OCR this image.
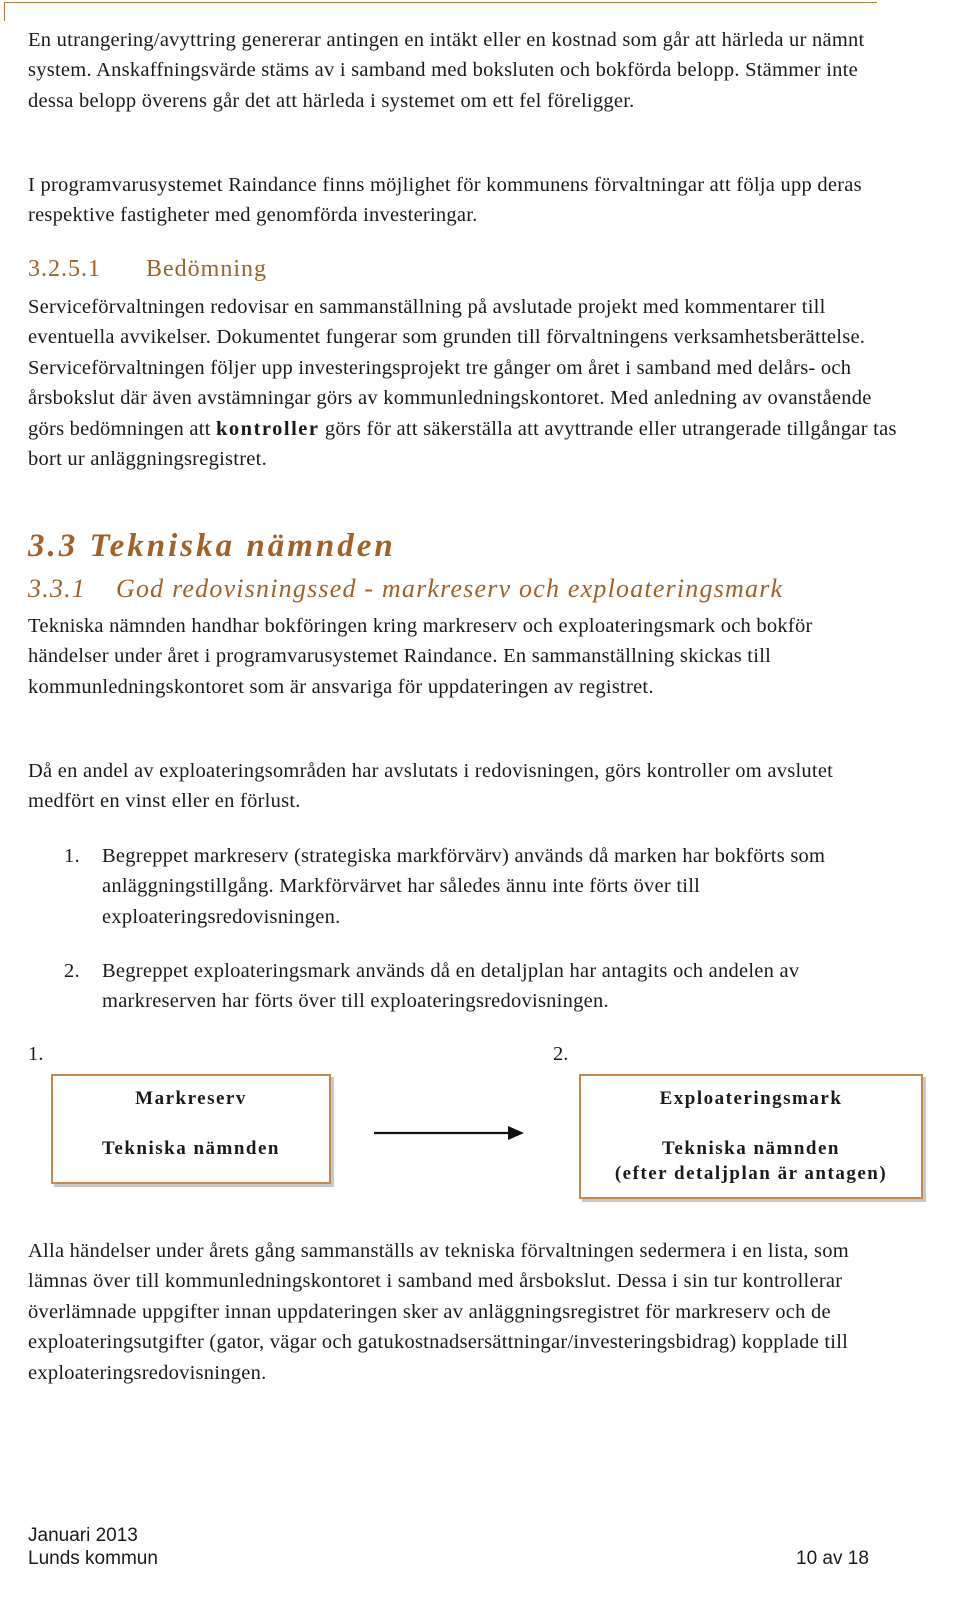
En utrangering/avyttring genererar antingen en intäkt eller en kostnad som går att härleda ur nämnt system. Anskaffningsvärde stäms av i samband med boksluten och bokförda belopp. Stämmer inte dessa belopp överens går det att härleda i systemet om ett fel föreligger.

I programvarusystemet Raindance finns möjlighet för kommunens förvaltningar att följa upp deras respektive fastigheter med genomförda investeringar.

3.2.5.1 Bedömning

Serviceförvaltningen redovisar en sammanställning på avslutade projekt med kommentarer till eventuella avvikelser. Dokumentet fungerar som grunden till förvaltningens verksamhetsberättelse. Serviceförvaltningen följer upp investeringsprojekt tre gånger om året i samband med delårs- och årsbokslut där även avstämningar görs av kommunledningskontoret. Med anledning av ovanstående görs bedömningen att kontroller görs för att säkerställa att avyttrande eller utrangerade tillgångar tas bort ur anläggningsregistret.

3.3 Tekniska nämnden
3.3.1 God redovisningssed - markreserv och exploateringsmark

Tekniska nämnden handhar bokföringen kring markreserv och exploateringsmark och bokför händelser under året i programvarusystemet Raindance. En sammanställning skickas till kommunledningskontoret som är ansvariga för uppdateringen av registret.

Då en andel av exploateringsområden har avslutats i redovisningen, görs kontroller om avslutet medfört en vinst eller en förlust.

1. Begreppet markreserv (strategiska markförvärv) används då marken har bokförts som anläggningstillgång. Markförvärvet har således ännu inte förts över till exploateringsredovisningen.
2. Begreppet exploateringsmark används då en detaljplan har antagits och andelen av markreserven har förts över till exploateringsredovisningen.
1.	2.
Markreserv
Tekniska nämnden
Exploateringsmark
Tekniska nämnden
(efter detaljplan är antagen)

Alla händelser under årets gång sammanställs av tekniska förvaltningen sedermera i en lista, som lämnas över till kommunledningskontoret i samband med årsbokslut. Dessa i sin tur kontrollerar överlämnade uppgifter innan uppdateringen sker av anläggningsregistret för markreserv och de exploateringsutgifter (gator, vägar och gatukostnadsersättningar/investeringsbidrag) kopplade till exploateringsredovisningen.

Januari 2013
Lunds kommun	10 av 18
